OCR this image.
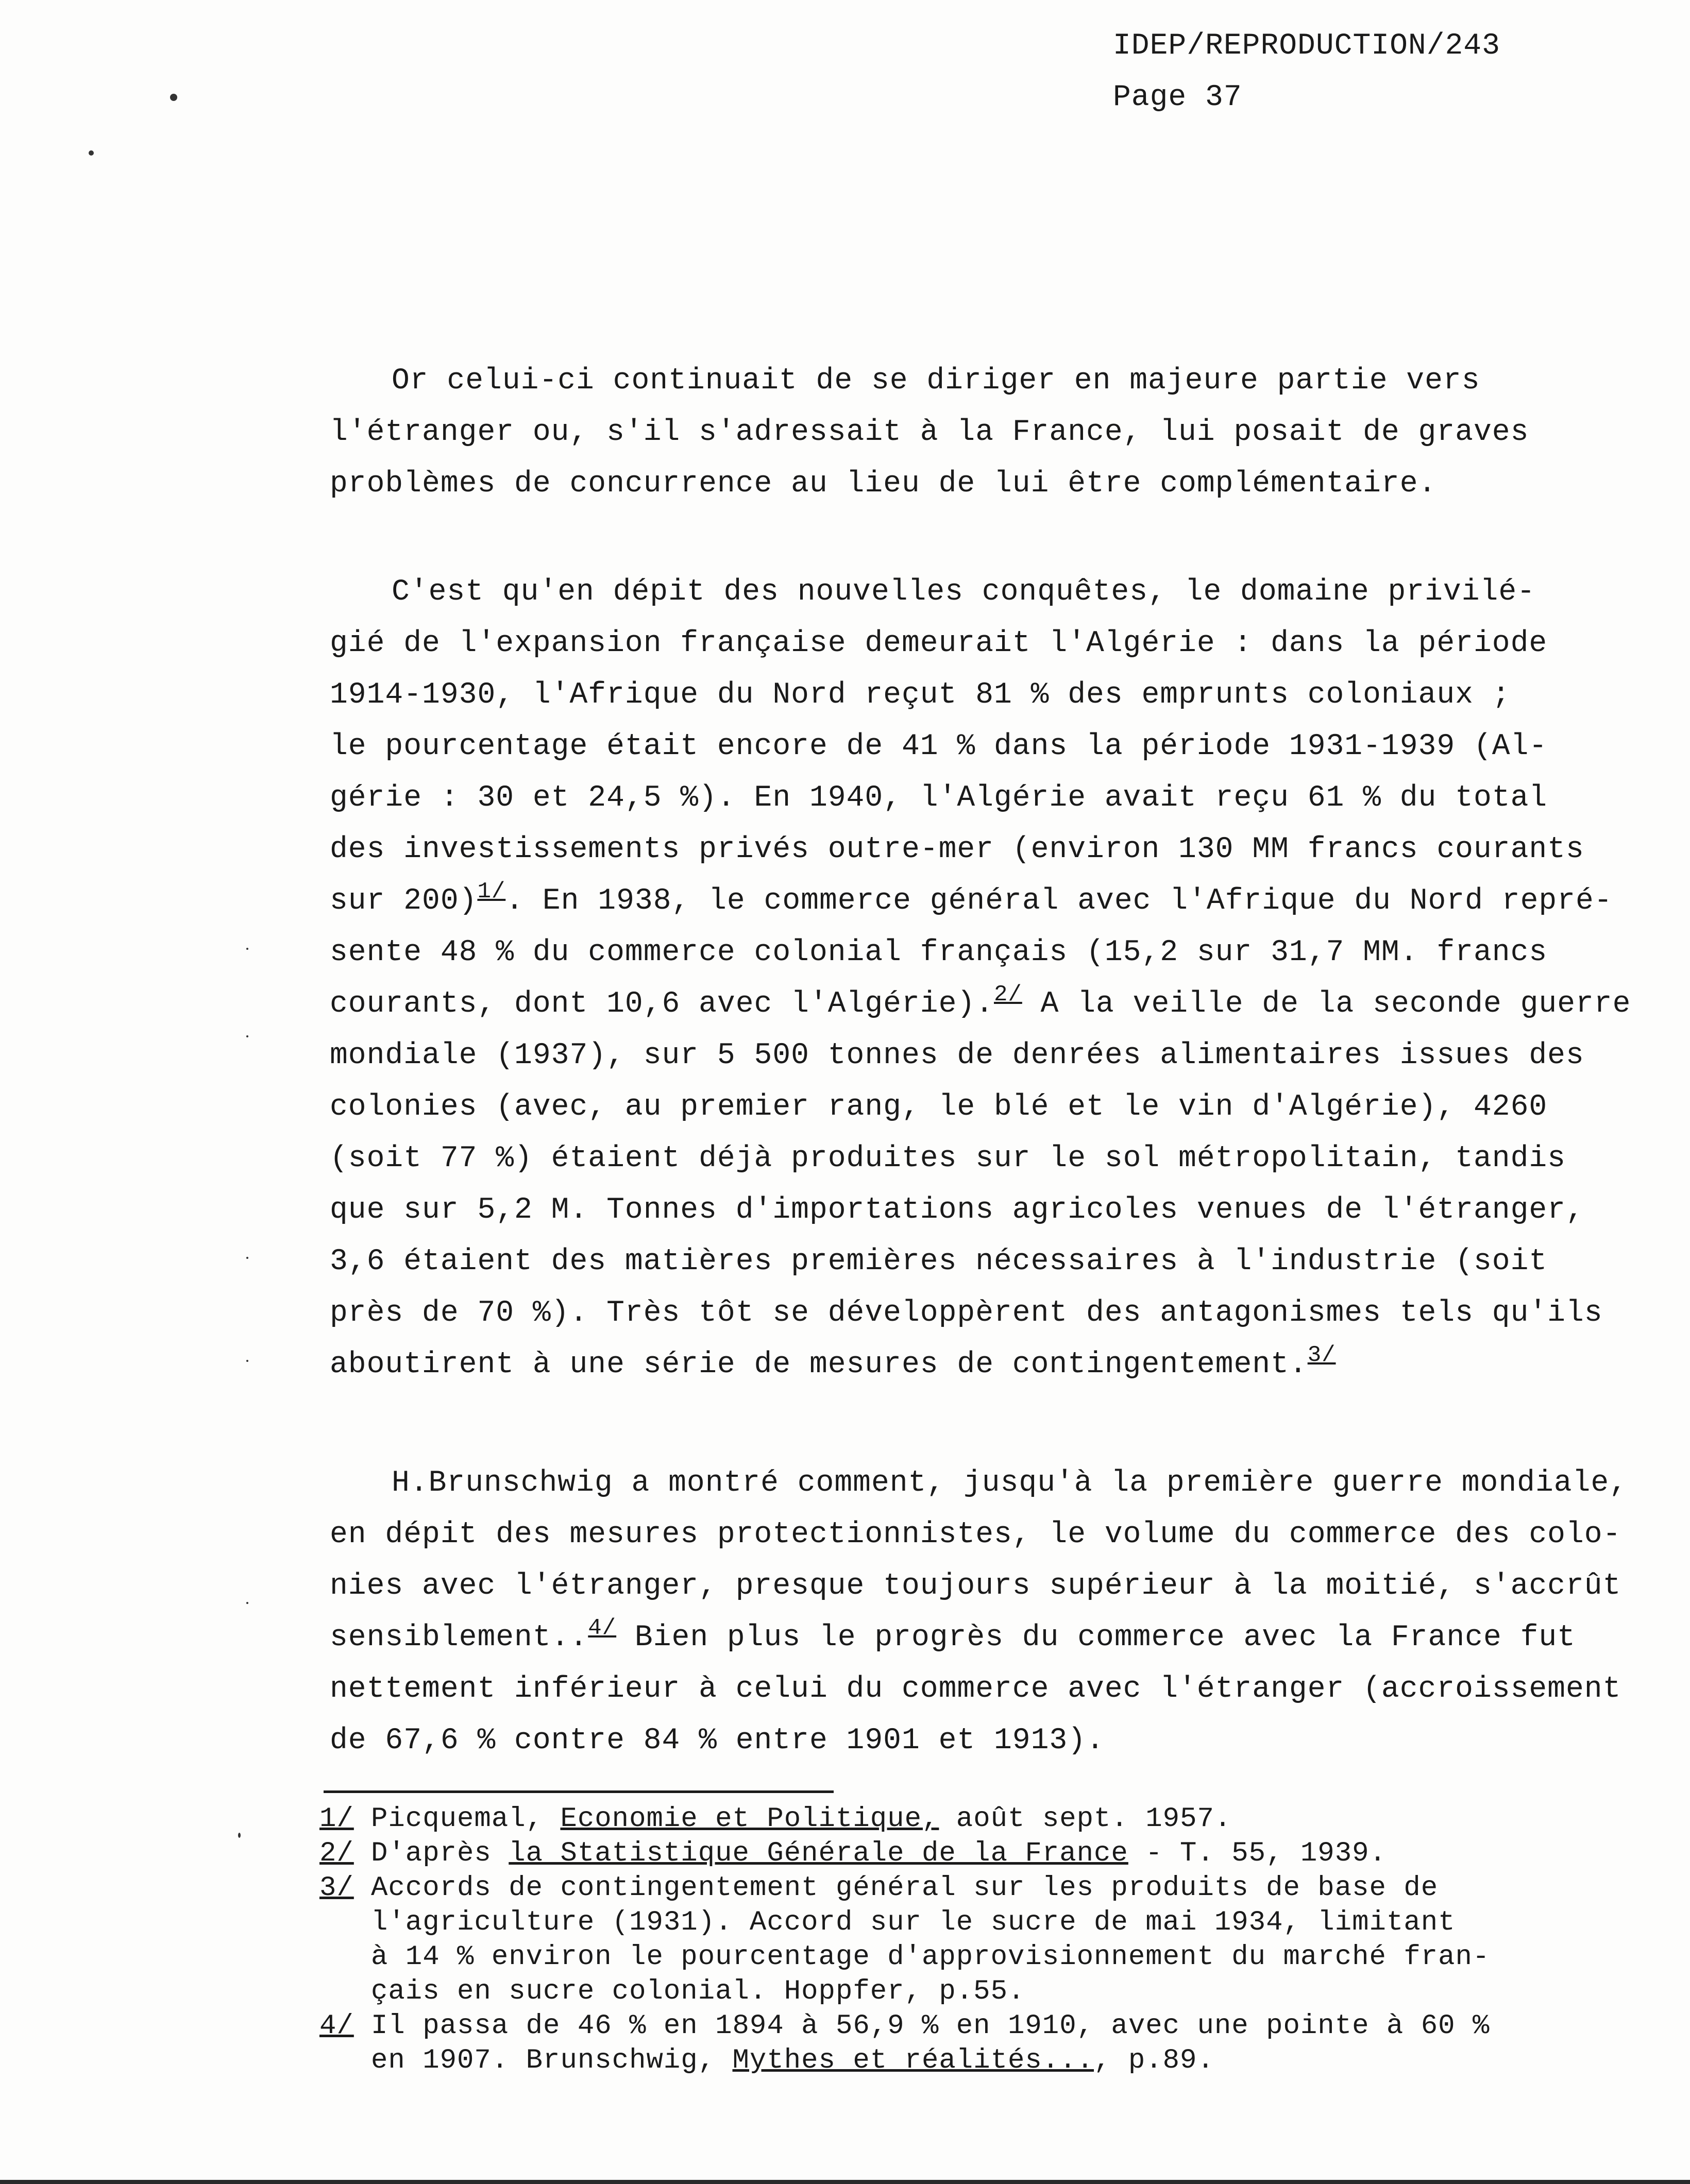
IDEP/REPRODUCTION/243
Page 37
Or celui-ci continuait de se diriger en majeure partie vers
l'étranger ou, s'il s'adressait à la France, lui posait de graves
problèmes de concurrence au lieu de lui être complémentaire.
C'est qu'en dépit des nouvelles conquêtes, le domaine privilé-
gié de l'expansion française demeurait l'Algérie : dans la période
1914-1930, l'Afrique du Nord reçut 81 % des emprunts coloniaux ;
le pourcentage était encore de 41 % dans la période 1931-1939 (Al-
gérie : 30 et 24,5 %). En 1940, l'Algérie avait reçu 61 % du total
des investissements privés outre-mer (environ 130 MM francs courants
sur 200)$^{1/}$. En 1938, le commerce général avec l'Afrique du Nord repré-
sente 48 % du commerce colonial français (15,2 sur 31,7 MM. francs
courants, dont 10,6 avec l'Algérie).$^{2/}$ A la veille de la seconde guerre
mondiale (1937), sur 5 500 tonnes de denrées alimentaires issues des
colonies (avec, au premier rang, le blé et le vin d'Algérie), 4260
(soit 77 %) étaient déjà produites sur le sol métropolitain, tandis
que sur 5,2 M. Tonnes d'importations agricoles venues de l'étranger,
3,6 étaient des matières premières nécessaires à l'industrie (soit
près de 70 %). Très tôt se développèrent des antagonismes tels qu'ils
aboutirent à une série de mesures de contingentement.$^{3/}$
H.Brunschwig a montré comment, jusqu'à la première guerre mondiale,
en dépit des mesures protectionnistes, le volume du commerce des colo-
nies avec l'étranger, presque toujours supérieur à la moitié, s'accrût
sensiblement..$^{4/}$ Bien plus le progrès du commerce avec la France fut
nettement inférieur à celui du commerce avec l'étranger (accroissement
de 67,6 % contre 84 % entre 1901 et 1913).
1/ Picquemal, Economie et Politique, août sept. 1957.
2/ D'après la Statistique Générale de la France - T. 55, 1939.
3/ Accords de contingentement général sur les produits de base de
l'agriculture (1931). Accord sur le sucre de mai 1934, limitant
à 14 % environ le pourcentage d'approvisionnement du marché fran-
çais en sucre colonial. Hoppfer, p.55.
4/ Il passa de 46 % en 1894 à 56,9 % en 1910, avec une pointe à 60 %
en 1907. Brunschwig, Mythes et réalités..., p.89.
